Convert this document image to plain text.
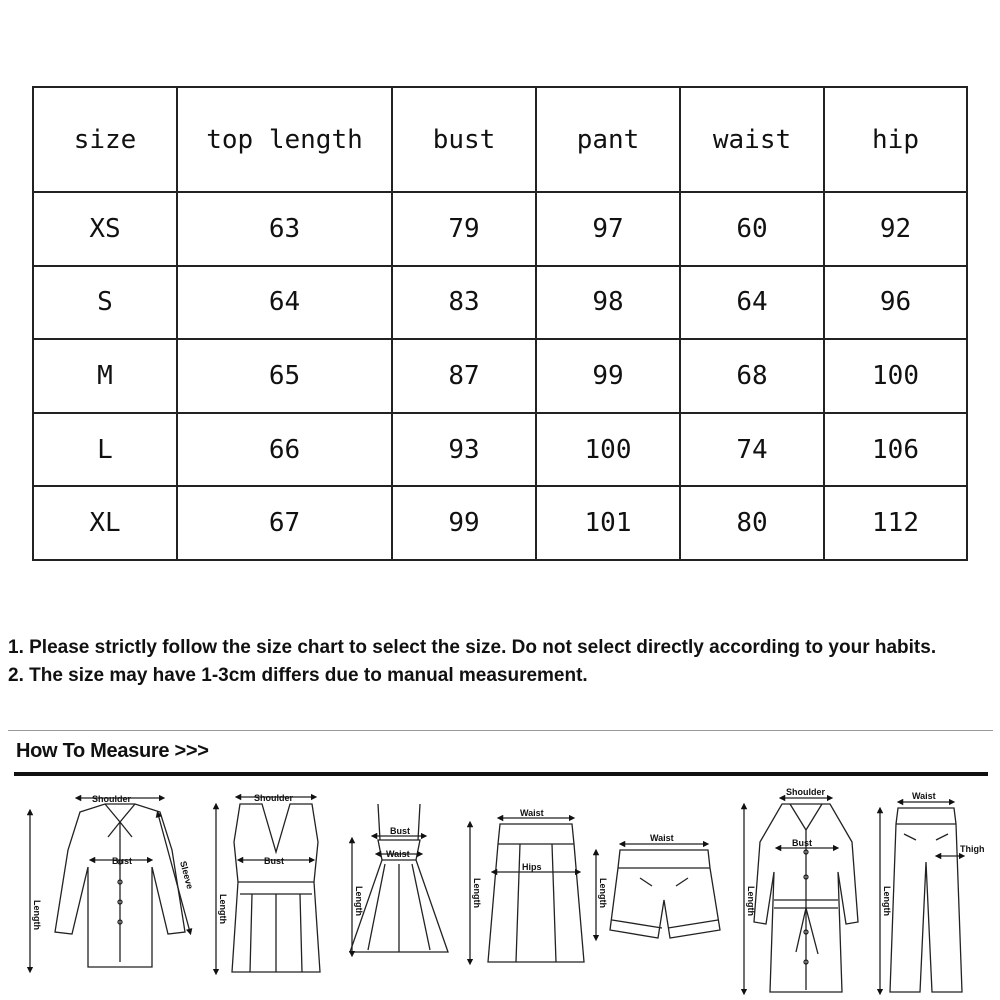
size	top length	bust	pant	waist	hip
XS	63	79	97	60	92
S	64	83	98	64	96
M	65	87	99	68	100
L	66	93	100	74	106
XL	67	99	101	80	112

1. Please strictly follow the size chart to select the size. Do not select directly according to your habits.

2. The size may have 1-3cm differs due to manual measurement.

How To Measure >>>
Shoulder
Bust
Length
Sleeve
Shoulder
Bust
Length
Bust
Waist
Length
Waist
Hips
Length
Waist
Length
Shoulder
Bust
Length
Waist
Thigh
Length
